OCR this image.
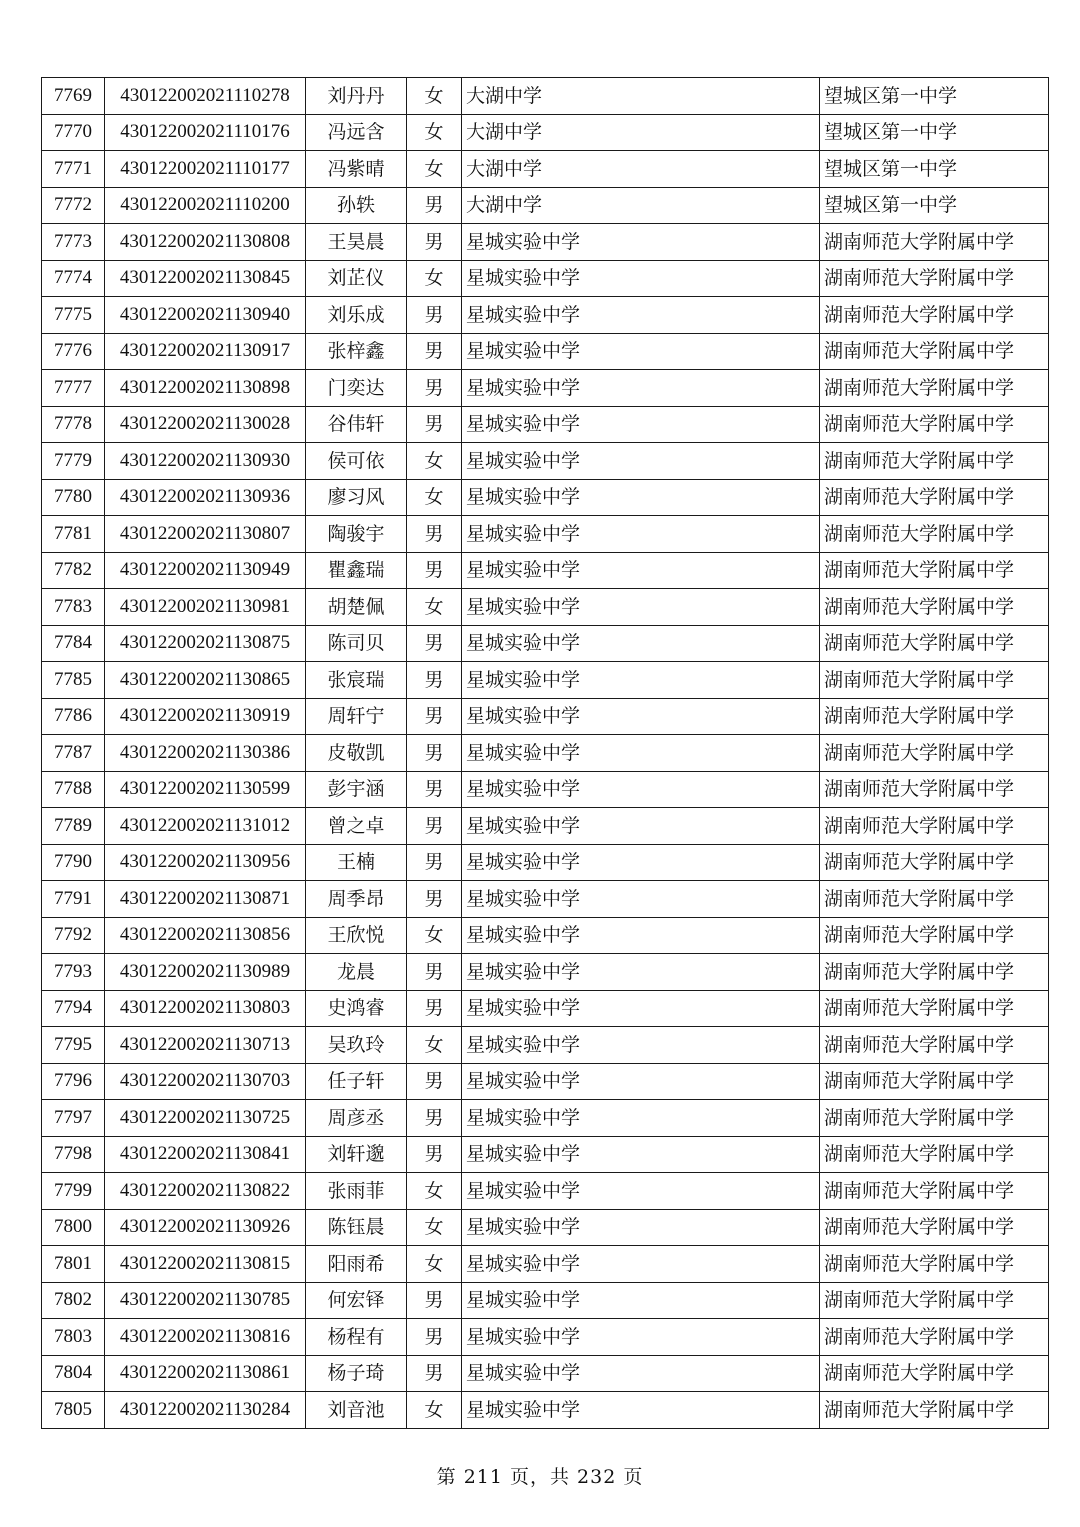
7769	430122002021110278	刘丹丹	女	大湖中学	望城区第一中学
7770	430122002021110176	冯远含	女	大湖中学	望城区第一中学
7771	430122002021110177	冯紫晴	女	大湖中学	望城区第一中学
7772	430122002021110200	孙轶	男	大湖中学	望城区第一中学
7773	430122002021130808	王昊晨	男	星城实验中学	湖南师范大学附属中学
7774	430122002021130845	刘芷仪	女	星城实验中学	湖南师范大学附属中学
7775	430122002021130940	刘乐成	男	星城实验中学	湖南师范大学附属中学
7776	430122002021130917	张梓鑫	男	星城实验中学	湖南师范大学附属中学
7777	430122002021130898	门奕达	男	星城实验中学	湖南师范大学附属中学
7778	430122002021130028	谷伟轩	男	星城实验中学	湖南师范大学附属中学
7779	430122002021130930	侯可依	女	星城实验中学	湖南师范大学附属中学
7780	430122002021130936	廖习风	女	星城实验中学	湖南师范大学附属中学
7781	430122002021130807	陶骏宇	男	星城实验中学	湖南师范大学附属中学
7782	430122002021130949	瞿鑫瑞	男	星城实验中学	湖南师范大学附属中学
7783	430122002021130981	胡楚佩	女	星城实验中学	湖南师范大学附属中学
7784	430122002021130875	陈司贝	男	星城实验中学	湖南师范大学附属中学
7785	430122002021130865	张宸瑞	男	星城实验中学	湖南师范大学附属中学
7786	430122002021130919	周轩宁	男	星城实验中学	湖南师范大学附属中学
7787	430122002021130386	皮敬凯	男	星城实验中学	湖南师范大学附属中学
7788	430122002021130599	彭宇涵	男	星城实验中学	湖南师范大学附属中学
7789	430122002021131012	曾之卓	男	星城实验中学	湖南师范大学附属中学
7790	430122002021130956	王楠	男	星城实验中学	湖南师范大学附属中学
7791	430122002021130871	周季昂	男	星城实验中学	湖南师范大学附属中学
7792	430122002021130856	王欣悦	女	星城实验中学	湖南师范大学附属中学
7793	430122002021130989	龙晨	男	星城实验中学	湖南师范大学附属中学
7794	430122002021130803	史鸿睿	男	星城实验中学	湖南师范大学附属中学
7795	430122002021130713	吴玖玲	女	星城实验中学	湖南师范大学附属中学
7796	430122002021130703	任子轩	男	星城实验中学	湖南师范大学附属中学
7797	430122002021130725	周彦丞	男	星城实验中学	湖南师范大学附属中学
7798	430122002021130841	刘轩邈	男	星城实验中学	湖南师范大学附属中学
7799	430122002021130822	张雨菲	女	星城实验中学	湖南师范大学附属中学
7800	430122002021130926	陈钰晨	女	星城实验中学	湖南师范大学附属中学
7801	430122002021130815	阳雨希	女	星城实验中学	湖南师范大学附属中学
7802	430122002021130785	何宏铎	男	星城实验中学	湖南师范大学附属中学
7803	430122002021130816	杨程有	男	星城实验中学	湖南师范大学附属中学
7804	430122002021130861	杨子琦	男	星城实验中学	湖南师范大学附属中学
7805	430122002021130284	刘音池	女	星城实验中学	湖南师范大学附属中学
第 211 页，共 232 页
